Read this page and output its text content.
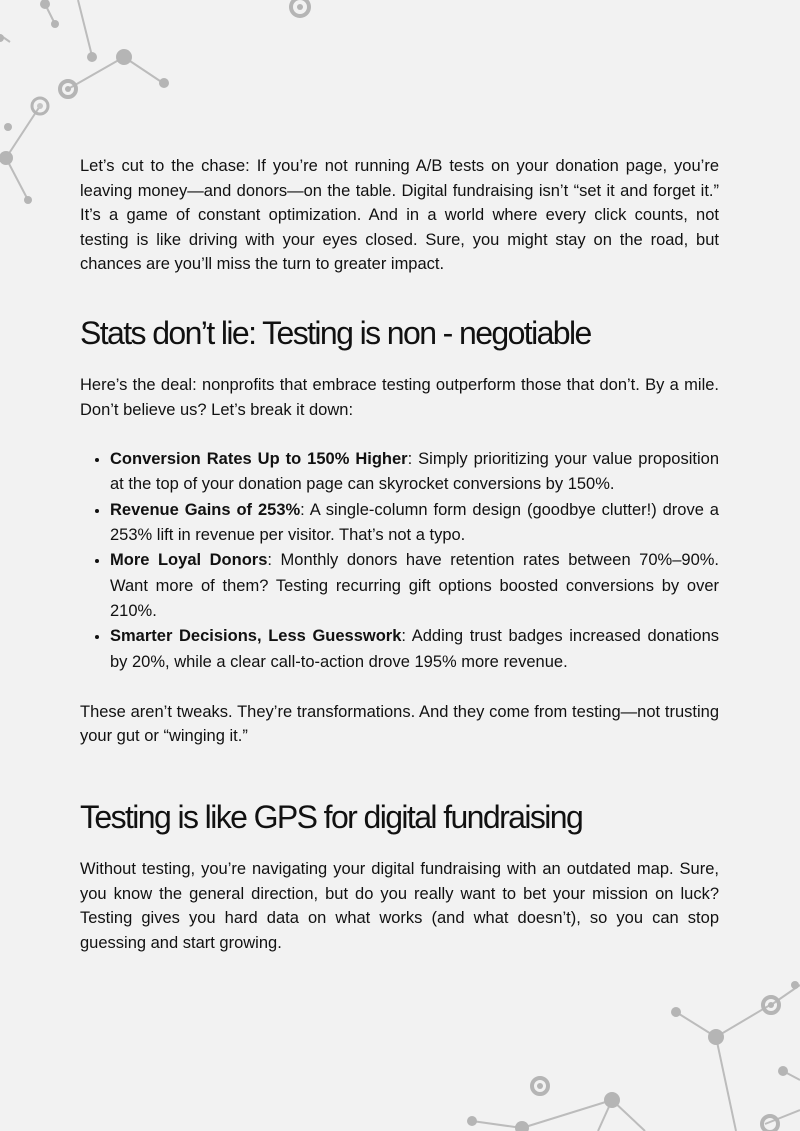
Let’s cut to the chase: If you’re not running A/B tests on your donation page, you’re leaving money—and donors—on the table. Digital fundraising isn’t “set it and forget it.” It’s a game of constant optimization. And in a world where every click counts, not testing is like driving with your eyes closed. Sure, you might stay on the road, but chances are you’ll miss the turn to greater impact.

Stats don’t lie: Testing is non - negotiable

Here’s the deal: nonprofits that embrace testing outperform those that don’t. By a mile. Don’t believe us? Let’s break it down:

• Conversion Rates Up to 150% Higher: Simply prioritizing your value proposition at the top of your donation page can skyrocket conversions by 150%.
• Revenue Gains of 253%: A single-column form design (goodbye clutter!) drove a 253% lift in revenue per visitor. That’s not a typo.
• More Loyal Donors: Monthly donors have retention rates between 70%–90%. Want more of them? Testing recurring gift options boosted conversions by over 210%.
• Smarter Decisions, Less Guesswork: Adding trust badges increased donations by 20%, while a clear call-to-action drove 195% more revenue.

These aren’t tweaks. They’re transformations. And they come from testing—not trusting your gut or “winging it.”

Testing is like GPS for digital fundraising

Without testing, you’re navigating your digital fundraising with an outdated map. Sure, you know the general direction, but do you really want to bet your mission on luck? Testing gives you hard data on what works (and what doesn’t), so you can stop guessing and start growing.
